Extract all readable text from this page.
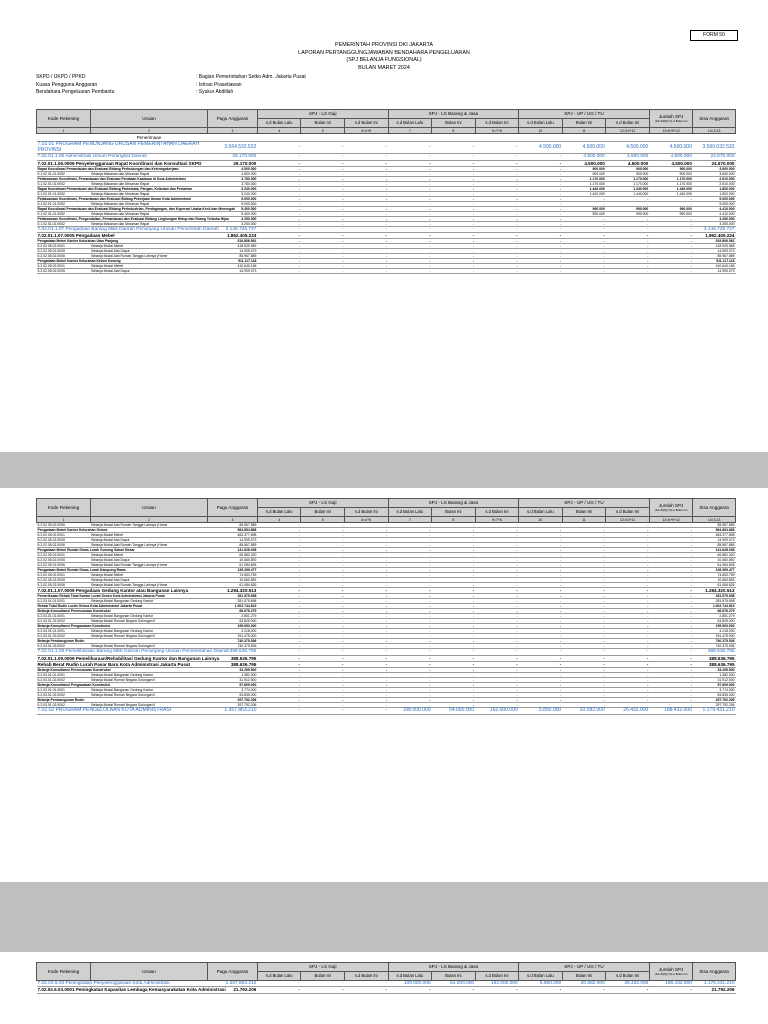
FORM 50
PEMERINTAH PROVINSI DKI JAKARTA
LAPORAN PERTANGGUNGJAWABAN BENDAHARA PENGELUARAN
(SPJ BELANJA FUNGSIONAL)
BULAN MARET 2024
SKPD / UKPD / PPKD	: Bagian Pemerintahan Setko Adm. Jakarta Pusat
Kuasa Pengguna Anggaran	: Ishran Prasetiawan
Bendahara Pengeluaran Pembantu	: Syukur Abdillah
Kode Rekening	Uraian	Pagu Anggaran	SPJ - LS Gaji			SPJ - LS Barang & Jasa			SPJ - UP / UG / TU			Jumlah SPJ
(10+5)(5)(7)s.d Bulan Ini	Sisa Anggaran
			s.d Bulan Lalu	Bulan Ini	s.d Bulan Ini	s.d Bulan Lalu	Bulan Ini	s.d Bulan Ini	s.d Bulan Lalu	Bulan Ini	s.d Bulan Ini		
1	2	3	4	5	6=4+5	7	8	9=7+8	10	11	12=10+11	13=6+9+12	14=3-13
	Penerimaan												
7.02.01 PROGRAM PENUNJANG URUSAN PEMERINTAHAN DAERAH PROVINSI		3.564.532.532	-	-	-	-	-	-	4.500.000	4.500.000	4.500.000	4.500.000	3.560.032.532
7.02.01.1.06 Administrasi Umum Perangkat Daerah		29.170.000	-	-	-	-	-	-	-	4.500.000	4.500.000	4.500.000	24.670.000
7.02.01.1.06.0009 Penyelenggaraan Rapat Koordinasi dan Konsultasi SKPD		29.170.000	-	-	-	-	-	-	-	4.500.000	4.500.000	4.500.000	24.670.000
Rapat Koordinasi Pemantauan dan Evaluasi Bidang Perhubungan dan Ketenagakerjaan		4.500.000	-	-	-	-	-	-	-	900.000	900.000	900.000	3.600.000
5.1.02.01.01.0052	Belanja Makanan dan Minuman Rapat	4.500.000	-	-	-	-	-	-	-	900.000	900.000	900.000	3.600.000
Pelaksanaan Koordinasi, Pemantauan dan Evaluasi Penataan Kawasan di Kota Administrasi		3.780.000	-	-	-	-	-	-	-	1.170.000	1.170.000	1.170.000	2.610.000
5.1.02.01.01.0052	Belanja Makanan dan Minuman Rapat	3.780.000	-	-	-	-	-	-	-	1.170.000	1.170.000	1.170.000	2.610.000
Rapat Koordinasi Pemantauan dan Evaluasi Bidang Pariwisata, Pangan, Kelautan dan Pertanian		3.240.000	-	-	-	-	-	-	-	1.440.000	1.440.000	1.440.000	1.800.000
5.1.02.01.01.0052	Belanja Makanan dan Minuman Rapat	3.240.000	-	-	-	-	-	-	-	1.440.000	1.440.000	1.440.000	1.800.000
Pelaksanaan Koordinasi, Pemantauan dan Evaluasi Bidang Pekerjaan Umum Kota Administrasi		9.000.000	-	-	-	-	-	-	-	-	-	-	9.000.000
5.1.02.01.01.0052	Belanja Makanan dan Minuman Rapat	9.000.000	-	-	-	-	-	-	-	-	-	-	9.000.000
Rapat Koordinasi Pemantauan dan Evaluasi Bidang Perindustrian, Perdagangan, dan Koperasi Usaha Kecil dan Menengah		5.400.000	-	-	-	-	-	-	-	990.000	990.000	990.000	4.410.000
5.1.02.01.01.0052	Belanja Makanan dan Minuman Rapat	5.400.000	-	-	-	-	-	-	-	990.000	990.000	990.000	4.410.000
Pelaksanaan Koordinasi, Pengendalian, Pemantauan dan Evaluasi Bidang Lingkungan Hidup dan Ruang Terbuka Hijau		3.250.000	-	-	-	-	-	-	-	-	-	-	3.250.000
5.1.02.01.01.0052	Belanja Makanan dan Minuman Rapat	3.250.000	-	-	-	-	-	-	-	-	-	-	3.250.000
7.02.01.1.07 Pengadaan Barang Milik Daerah Penunjang Urusan Pemerintah Daerah		3.146.725.737	-	-	-	-	-	-	-	-	-	-	3.146.725.737
7.02.01.1.07.0005 Pengadaan Mebel		1.862.405.224	-	-	-	-	-	-	-	-	-	-	1.862.405.224
Pengadaan Mebel Kantor Kelurahan Utan Panjang		519.806.561	-	-	-	-	-	-	-	-	-	-	519.806.561
5.2.02.05.02.0001	Belanja Modal Mebel	418.929.569	-	-	-	-	-	-	-	-	-	-	418.929.569
5.2.02.05.02.0005	Belanja Modal Alat Dapur	14.909.073	-	-	-	-	-	-	-	-	-	-	14.909.073
5.2.02.05.02.0006	Belanja Modal Alat Rumah Tangga Lainnya (Home	85.967.889	-	-	-	-	-	-	-	-	-	-	85.967.889
Pengadaan Mebel Kantor Kelurahan Kebon Kosong		511.117.118	-	-	-	-	-	-	-	-	-	-	511.117.118
5.2.02.05.02.0001	Belanja Modal Mebel	410.640.156	-	-	-	-	-	-	-	-	-	-	410.640.156
5.2.02.05.02.0005	Belanja Modal Alat Dapur	14.909.073	-	-	-	-	-	-	-	-	-	-	14.909.073
Kode Rekening	Uraian	Pagu Anggaran	SPJ - LS Gaji			SPJ - LS Barang & Jasa			SPJ - UP / UG / TU			Jumlah SPJ
(10+5)(5)(7)s.d Bulan Ini	Sisa Anggaran
			s.d Bulan Lalu	Bulan Ini	s.d Bulan Ini	s.d Bulan Lalu	Bulan Ini	s.d Bulan Ini	s.d Bulan Lalu	Bulan Ini	s.d Bulan Ini		
1	2	3	4	5	6=4+5	7	8	9=7+8	10	11	12=10+11	13=6+9+12	14=3-13
5.2.02.05.02.0006	Belanja Modal Alat Rumah Tangga Lainnya (Home	85.567.889	-	-	-	-	-	-	-	-	-	-	85.567.889
Pengadaan Mebel Kantor Kelurahan Gelora		564.854.868	-	-	-	-	-	-	-	-	-	-	564.854.868
5.2.02.05.02.0001	Belanja Modal Mebel	463.377.898	-	-	-	-	-	-	-	-	-	-	463.377.898
5.2.02.05.02.0005	Belanja Modal Alat Dapur	14.909.073	-	-	-	-	-	-	-	-	-	-	14.909.073
5.2.02.05.02.0006	Belanja Modal Alat Rumah Tangga Lainnya (Home	85.567.889	-	-	-	-	-	-	-	-	-	-	85.567.889
Pengadaan Mebel Rumah Dinas Lurah Gunung Sahari Besar		141.628.038	-	-	-	-	-	-	-	-	-	-	141.628.038
5.2.02.05.02.0001	Belanja Modal Mebel	69.882.320	-	-	-	-	-	-	-	-	-	-	69.882.320
5.2.02.05.02.0005	Belanja Modal Alat Dapur	10.660.892	-	-	-	-	-	-	-	-	-	-	10.660.892
5.2.02.05.02.0006	Belanja Modal Alat Rumah Tangga Lainnya (Home	61.084.826	-	-	-	-	-	-	-	-	-	-	61.084.826
Pengadaan Mebel Rumah Dinas Lurah Kampung Rawa		126.399.477	-	-	-	-	-	-	-	-	-	-	126.399.477
5.2.02.05.02.0001	Belanja Modal Mebel	74.653.759	-	-	-	-	-	-	-	-	-	-	74.653.759
5.2.02.05.02.0005	Belanja Modal Alat Dapur	10.660.892	-	-	-	-	-	-	-	-	-	-	10.660.892
5.2.02.05.02.0006	Belanja Modal Alat Rumah Tangga Lainnya (Home	61.084.826	-	-	-	-	-	-	-	-	-	-	61.084.826
7.02.01.1.07.0009 Pengadaan Gedung Kantor atau Bangunan Lainnya		1.284.320.513	-	-	-	-	-	-	-	-	-	-	1.284.320.513
Pemeriksaan Rehab Total Kantor Lurah Senen Kota Administrasi Jakarta Pusat		281.575.698	-	-	-	-	-	-	-	-	-	-	281.575.698
5.2.03.01.01.0001	Belanja Modal Bangunan Gedung Kantor	281.575.698	-	-	-	-	-	-	-	-	-	-	281.575.698
Rehab Total Rudin Lurah Gelora Kota Administrasi Jakarta Pusat		1.002.744.815	-	-	-	-	-	-	-	-	-	-	1.002.744.815
Belanja Konsultansi Perencanaan Konstruksi		66.676.279	-	-	-	-	-	-	-	-	-	-	66.676.279
5.2.03.01.01.0001	Belanja Modal Bangunan Gedung Kantor	2.851.279	-	-	-	-	-	-	-	-	-	-	2.851.279
5.2.03.01.02.0002	Belanja Modal Rumah Negara Golongan II	63.825.000	-	-	-	-	-	-	-	-	-	-	63.825.000
Belanja Konsultansi Pengawasan Konstruksi		195.693.000	-	-	-	-	-	-	-	-	-	-	195.693.000
5.2.03.01.01.0001	Belanja Modal Bangunan Gedung Kantor	4.218.000	-	-	-	-	-	-	-	-	-	-	4.218.000
5.2.03.01.02.0002	Belanja Modal Rumah Negara Golongan II	191.475.000	-	-	-	-	-	-	-	-	-	-	191.475.000
Belanja Pembangunan Rudin		740.375.536	-	-	-	-	-	-	-	-	-	-	740.375.536
5.2.03.01.02.0002	Belanja Modal Rumah Negara Golongan II	740.375.536	-	-	-	-	-	-	-	-	-	-	740.375.536
7.02.01.1.09 Pemeliharaan Barang Milik Daerah Penunjang Urusan Pemerintahan Daerah		388.636.795	-	-	-	-	-	-	-	-	-	-	388.636.795
7.02.01.1.09.0009 Pemeliharaan/Rehabilitasi Gedung Kantor dan Bangunan Lainnya		388.636.795	-	-	-	-	-	-	-	-	-	-	388.636.795
Rehab Berat Rudin Lurah Pasar Baru Kota Administrasi Jakarta Pusat		388.636.795	-	-	-	-	-	-	-	-	-	-	388.636.795
Belanja Konsultansi Perencanaan Konstruksi		33.295.500	-	-	-	-	-	-	-	-	-	-	33.295.500
5.2.03.01.01.0001	Belanja Modal Bangunan Gedung Kantor	1.382.000	-	-	-	-	-	-	-	-	-	-	1.382.000
5.2.03.01.02.0002	Belanja Modal Rumah Negara Golongan II	31.912.500	-	-	-	-	-	-	-	-	-	-	31.912.500
Belanja Konsultansi Pengawasan Konstruksi		57.609.000	-	-	-	-	-	-	-	-	-	-	57.609.000
5.2.03.01.01.0001	Belanja Modal Bangunan Gedung Kantor	3.774.000	-	-	-	-	-	-	-	-	-	-	3.774.000
5.2.03.01.02.0002	Belanja Modal Rumah Negara Golongan II	53.835.000	-	-	-	-	-	-	-	-	-	-	53.835.000
Belanja Pembangunan Rudin		297.792.206	-	-	-	-	-	-	-	-	-	-	297.792.206
5.2.03.01.02.0002	Belanja Modal Rumah Negara Golongan II	297.792.206	-	-	-	-	-	-	-	-	-	-	297.792.206
7.02.02 PROGRAM PENGELOLAAN KOTA ADMINISTRASI		1.367.863.210	-	-	-	108.000.000	54.000.000	162.000.000	5.850.000	20.582.000	26.432.000	188.432.000	1.179.431.210
Kode Rekening	Uraian	Pagu Anggaran	SPJ - LS Gaji			SPJ - LS Barang & Jasa			SPJ - UP / UG / TU			Jumlah SPJ
(10+5)(5)(7)s.d Bulan Ini	Sisa Anggaran
			s.d Bulan Lalu	Bulan Ini	s.d Bulan Ini	s.d Bulan Lalu	Bulan Ini	s.d Bulan Ini	s.d Bulan Lalu	Bulan Ini	s.d Bulan Ini		
7.02.02.6.03 Peningkatan Penyelenggaraan Kota Administrasi		1.367.863.210	-	-	-	108.000.000	54.000.000	162.000.000	5.850.000	20.582.000	26.432.000	188.432.000	1.179.431.210
7.02.02.6.03.0001 Peningkatan Kapasitas Lembaga Kemasyarakatan Kota Administrasi		21.792.206	-	-	-	-	-	-	-	-	-	-	21.792.206
